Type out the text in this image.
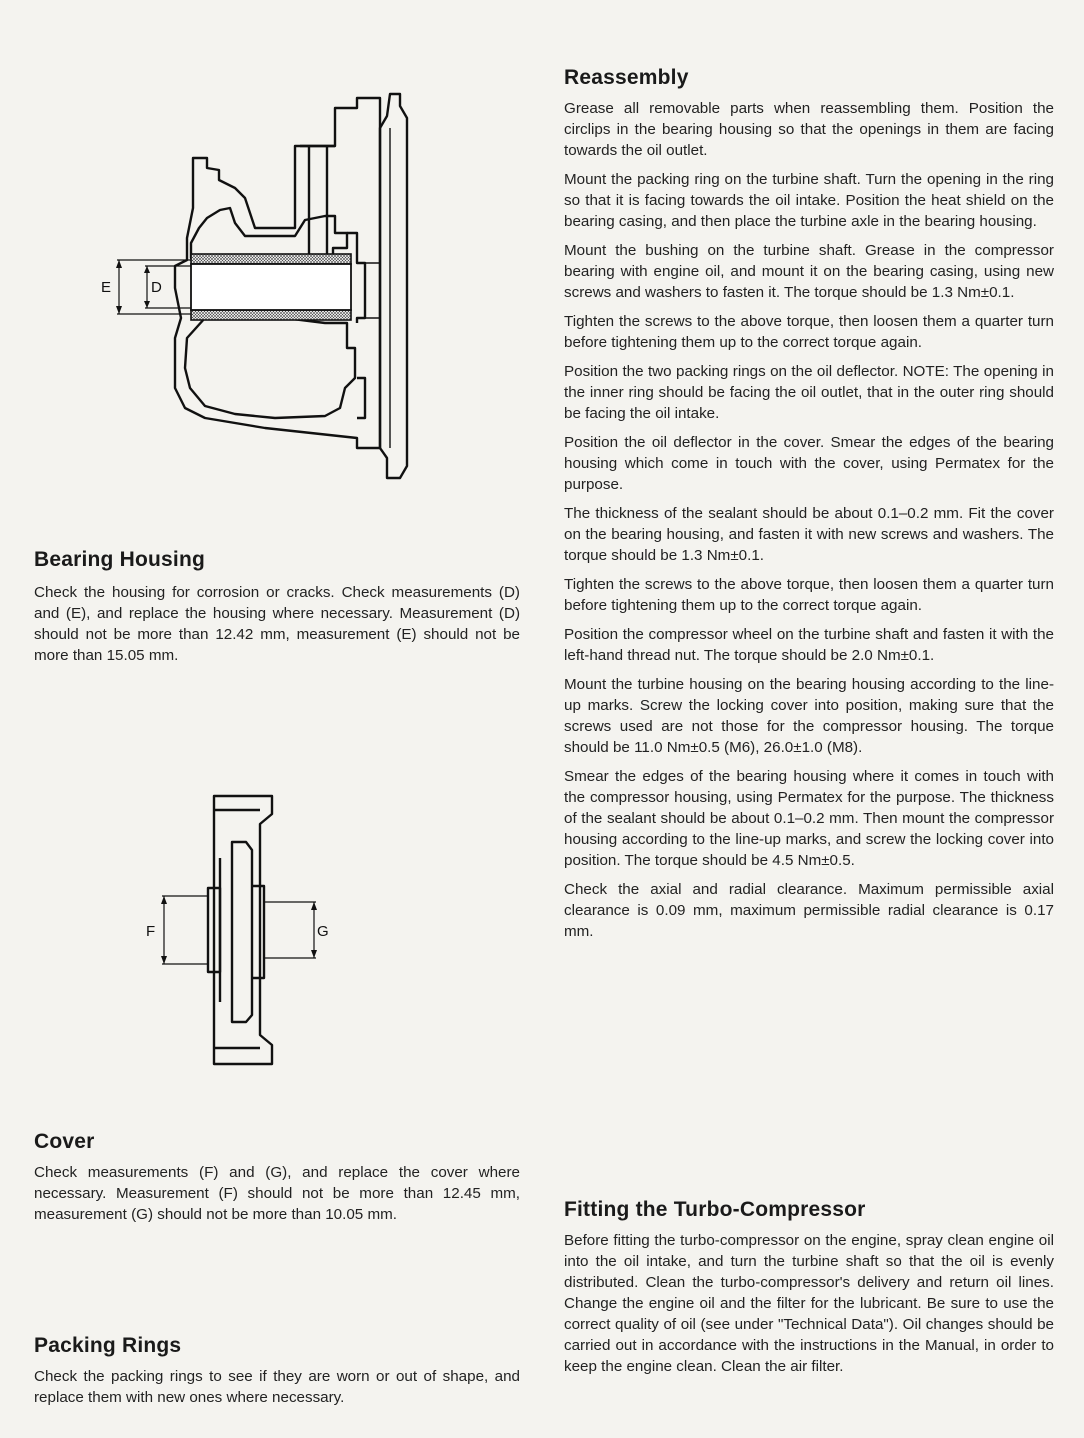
E	D
Bearing Housing

Check the housing for corrosion or cracks. Check measurements (D) and (E), and replace the housing where necessary. Measurement (D) should not be more than 12.42 mm, measurement (E) should not be more than 15.05 mm.

F	G
Cover

Check measurements (F) and (G), and replace the cover where necessary. Measurement (F) should not be more than 12.45 mm, measurement (G) should not be more than 10.05 mm.

Packing Rings

Check the packing rings to see if they are worn or out of shape, and replace them with new ones where necessary.

Reassembly

Grease all removable parts when reassembling them. Position the circlips in the bearing housing so that the openings in them are facing towards the oil outlet.

Mount the packing ring on the turbine shaft. Turn the opening in the ring so that it is facing towards the oil intake. Position the heat shield on the bearing casing, and then place the turbine axle in the bearing housing.

Mount the bushing on the turbine shaft. Grease in the compressor bearing with engine oil, and mount it on the bearing casing, using new screws and washers to fasten it. The torque should be 1.3 Nm±0.1.

Tighten the screws to the above torque, then loosen them a quarter turn before tightening them up to the correct torque again.

Position the two packing rings on the oil deflector. NOTE: The opening in the inner ring should be facing the oil outlet, that in the outer ring should be facing the oil intake.

Position the oil deflector in the cover. Smear the edges of the bearing housing which come in touch with the cover, using Permatex for the purpose.

The thickness of the sealant should be about 0.1–0.2 mm. Fit the cover on the bearing housing, and fasten it with new screws and washers. The torque should be 1.3 Nm±0.1.

Tighten the screws to the above torque, then loosen them a quarter turn before tightening them up to the correct torque again.

Position the compressor wheel on the turbine shaft and fasten it with the left-hand thread nut. The torque should be 2.0 Nm±0.1.

Mount the turbine housing on the bearing housing according to the line-up marks. Screw the locking cover into position, making sure that the screws used are not those for the compressor housing. The torque should be 11.0 Nm±0.5 (M6), 26.0±1.0 (M8).

Smear the edges of the bearing housing where it comes in touch with the compressor housing, using Permatex for the purpose. The thickness of the sealant should be about 0.1–0.2 mm. Then mount the compressor housing according to the line-up marks, and screw the locking cover into position. The torque should be 4.5 Nm±0.5.

Check the axial and radial clearance. Maximum permissible axial clearance is 0.09 mm, maximum permissible radial clearance is 0.17 mm.

Fitting the Turbo-Compressor

Before fitting the turbo-compressor on the engine, spray clean engine oil into the oil intake, and turn the turbine shaft so that the oil is evenly distributed. Clean the turbo-compressor's delivery and return oil lines. Change the engine oil and the filter for the lubricant. Be sure to use the correct quality of oil (see under "Technical Data"). Oil changes should be carried out in accordance with the instructions in the Manual, in order to keep the engine clean. Clean the air filter.
